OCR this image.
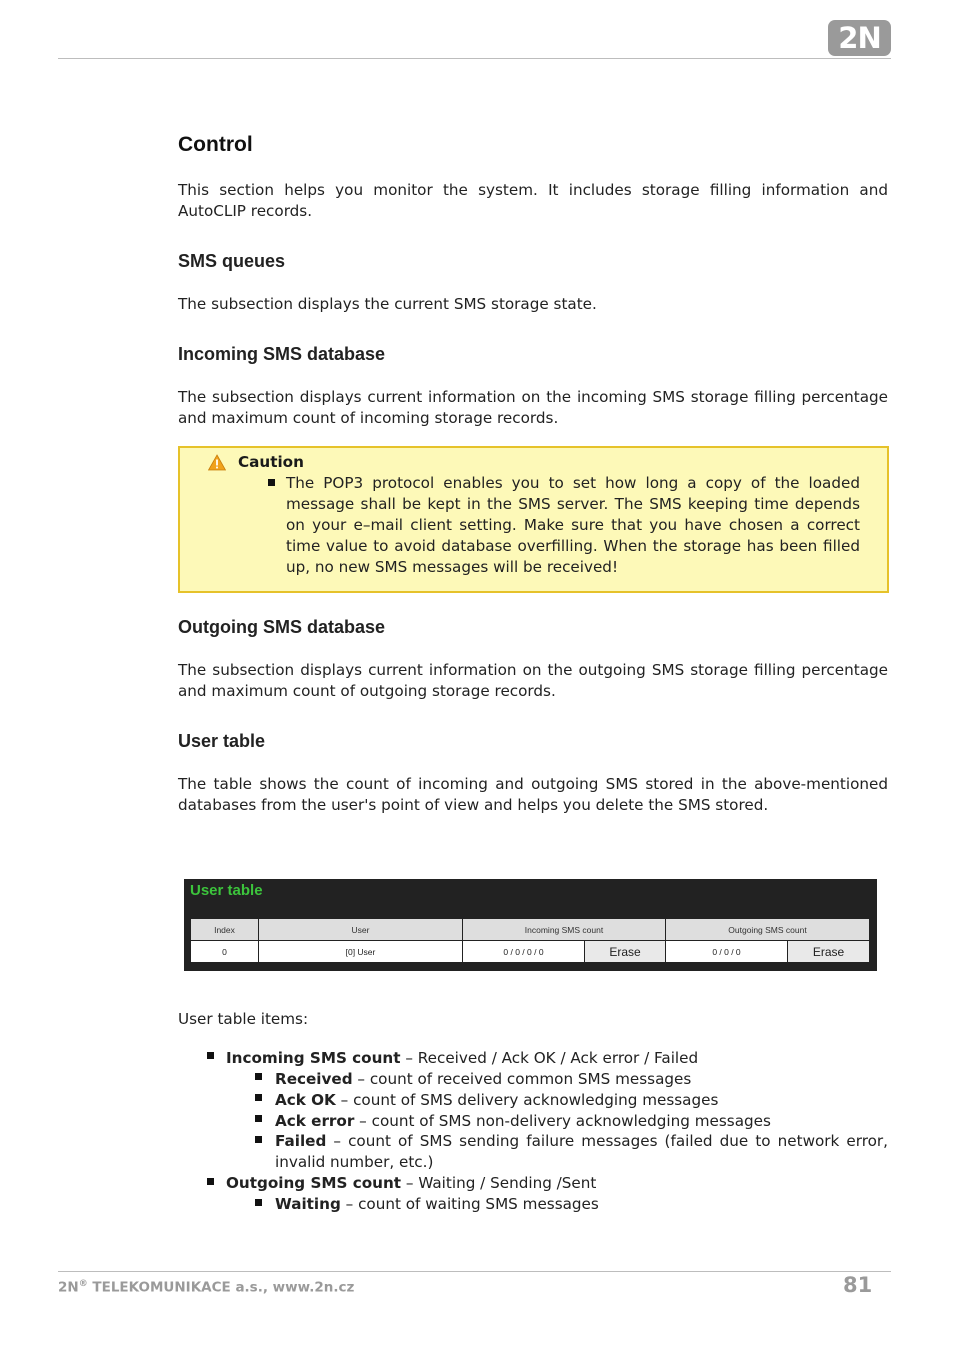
2N
Control

This section helps you monitor the system. It includes storage filling information and AutoCLIP records.

SMS queues

The subsection displays the current SMS storage state.

Incoming SMS database

The subsection displays current information on the incoming SMS storage filling percentage and maximum count of incoming storage records.

Caution

The POP3 protocol enables you to set how long a copy of the loaded message shall be kept in the SMS server. The SMS keeping time depends on your e–mail client setting. Make sure that you have chosen a correct time value to avoid database overfilling. When the storage has been filled up, no new SMS messages will be received!

Outgoing SMS database

The subsection displays current information on the outgoing SMS storage filling percentage and maximum count of outgoing storage records.

User table

The table shows the count of incoming and outgoing SMS stored in the above-mentioned databases from the user's point of view and helps you delete the SMS stored.

User table
Index	User	Incoming SMS count		Outgoing SMS count	
0	[0] User	0 / 0 / 0 / 0	Erase	0 / 0 / 0	Erase

User table items:

Incoming SMS count – Received / Ack OK / Ack error / Failed
Received – count of received common SMS messages
Ack OK – count of SMS delivery acknowledging messages
Ack error – count of SMS non-delivery acknowledging messages
Failed – count of SMS sending failure messages (failed due to network error, invalid number, etc.)
Outgoing SMS count – Waiting / Sending /Sent
Waiting – count of waiting SMS messages
2N® TELEKOMUNIKACE a.s., www.2n.cz	81
